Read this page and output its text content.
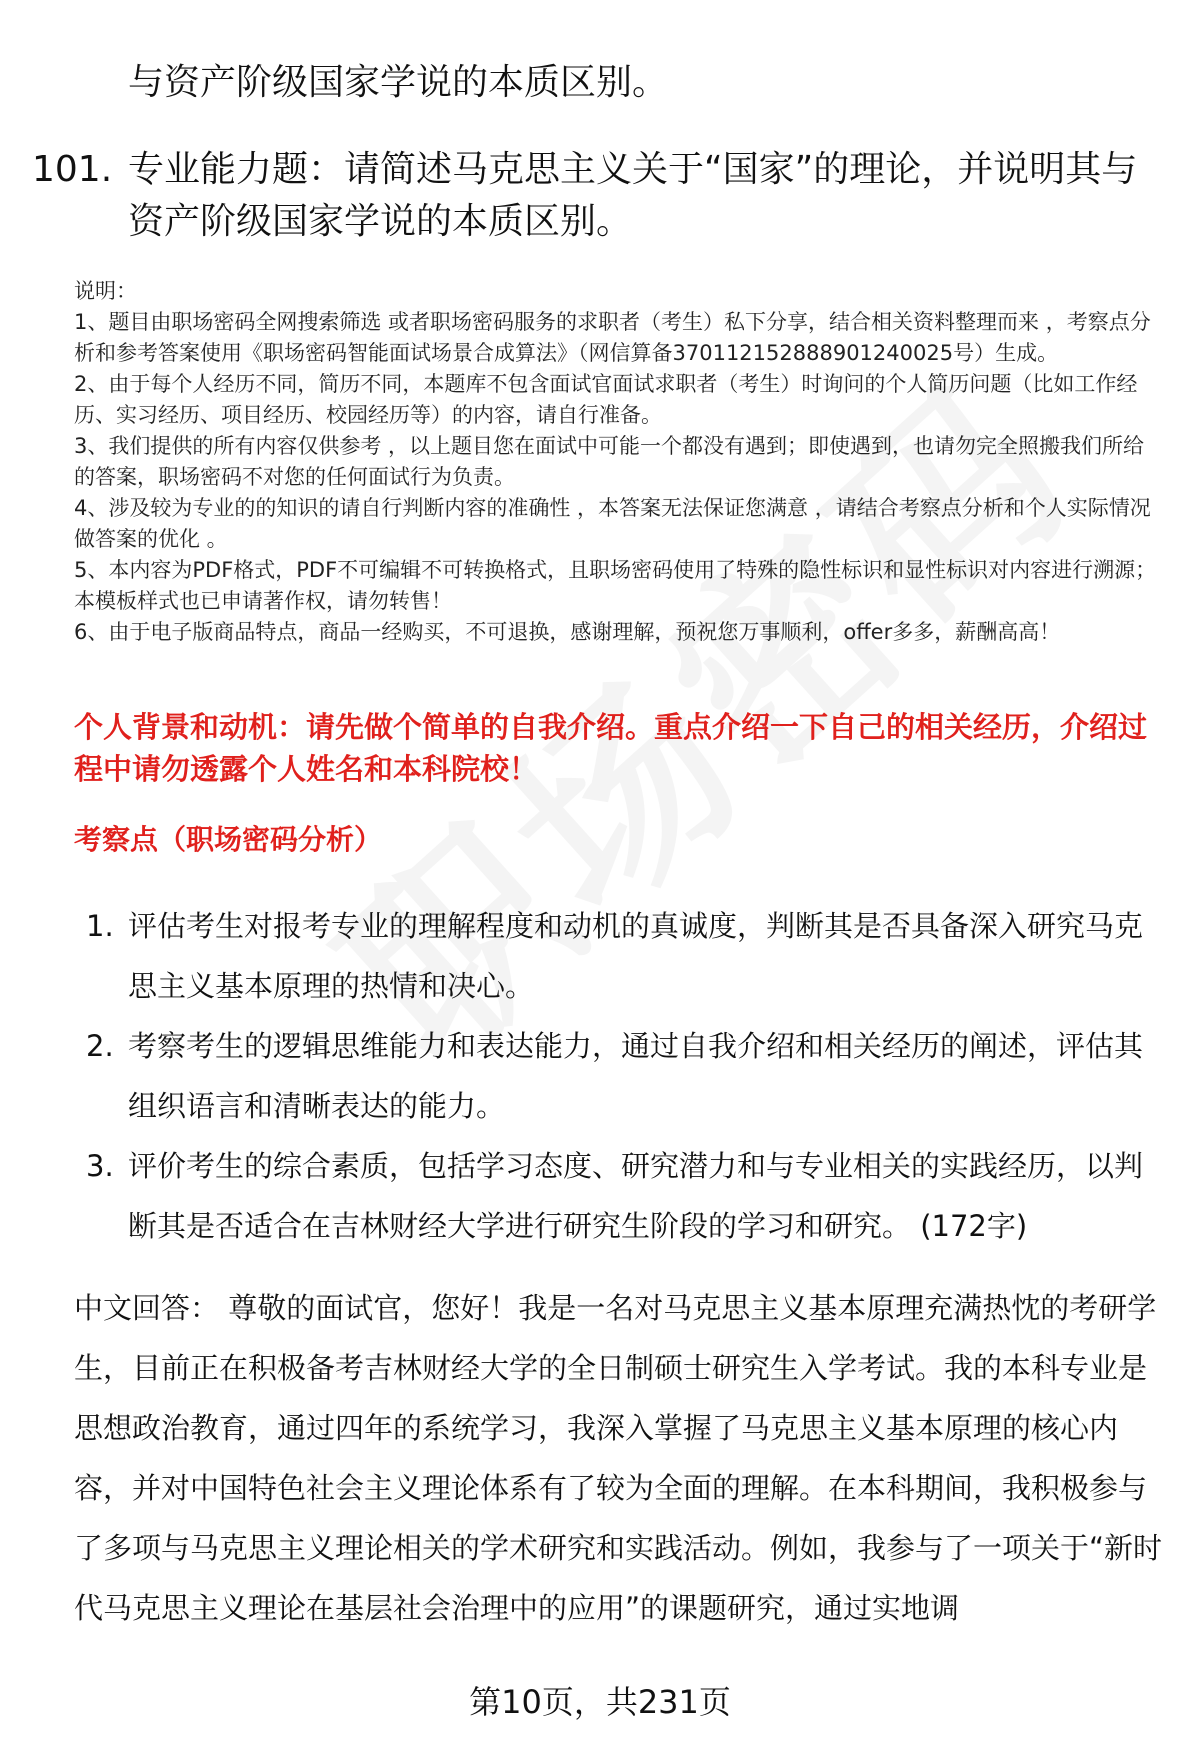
与资产阶级国家学说的本质区别。
101. 专业能力题：请简述马克思主义关于“国家”的理论，并说明其与资产阶级国家学说的本质区别。

说明：

1、题目由职场密码全网搜索筛选 或者职场密码服务的求职者（考生）私下分享，结合相关资料整理而来 ，考察点分析和参考答案使用《职场密码智能面试场景合成算法》（网信算备370112152888901240025号）生成。

2、由于每个人经历不同，简历不同，本题库不包含面试官面试求职者（考生）时询问的个人简历问题（比如工作经历、实习经历、项目经历、校园经历等）的内容，请自行准备。

3、我们提供的所有内容仅供参考 ，以上题目您在面试中可能一个都没有遇到；即使遇到，也请勿完全照搬我们所给的答案，职场密码不对您的任何面试行为负责。

4、涉及较为专业的的知识的请自行判断内容的准确性 ，本答案无法保证您满意 ，请结合考察点分析和个人实际情况做答案的优化 。

5、本内容为PDF格式，PDF不可编辑不可转换格式，且职场密码使用了特殊的隐性标识和显性标识对内容进行溯源；本模板样式也已申请著作权，请勿转售！

6、由于电子版商品特点，商品一经购买，不可退换，感谢理解，预祝您万事顺利，offer多多，薪酬高高！

个人背景和动机：请先做个简单的自我介绍。重点介绍一下自己的相关经历，介绍过程中请勿透露个人姓名和本科院校！
考察点（职场密码分析）
1. 评估考生对报考专业的理解程度和动机的真诚度，判断其是否具备深入研究马克思主义基本原理的热情和决心。
2. 考察考生的逻辑思维能力和表达能力，通过自我介绍和相关经历的阐述，评估其组织语言和清晰表达的能力。
3. 评价考生的综合素质，包括学习态度、研究潜力和与专业相关的实践经历，以判断其是否适合在吉林财经大学进行研究生阶段的学习和研究。 (172字)
中文回答： 尊敬的面试官，您好！我是一名对马克思主义基本原理充满热忱的考研学生，目前正在积极备考吉林财经大学的全日制硕士研究生入学考试。我的本科专业是思想政治教育，通过四年的系统学习，我深入掌握了马克思主义基本原理的核心内容，并对中国特色社会主义理论体系有了较为全面的理解。在本科期间，我积极参与了多项与马克思主义理论相关的学术研究和实践活动。例如，我参与了一项关于“新时代马克思主义理论在基层社会治理中的应用”的课题研究，通过实地调
第10页，共231页
